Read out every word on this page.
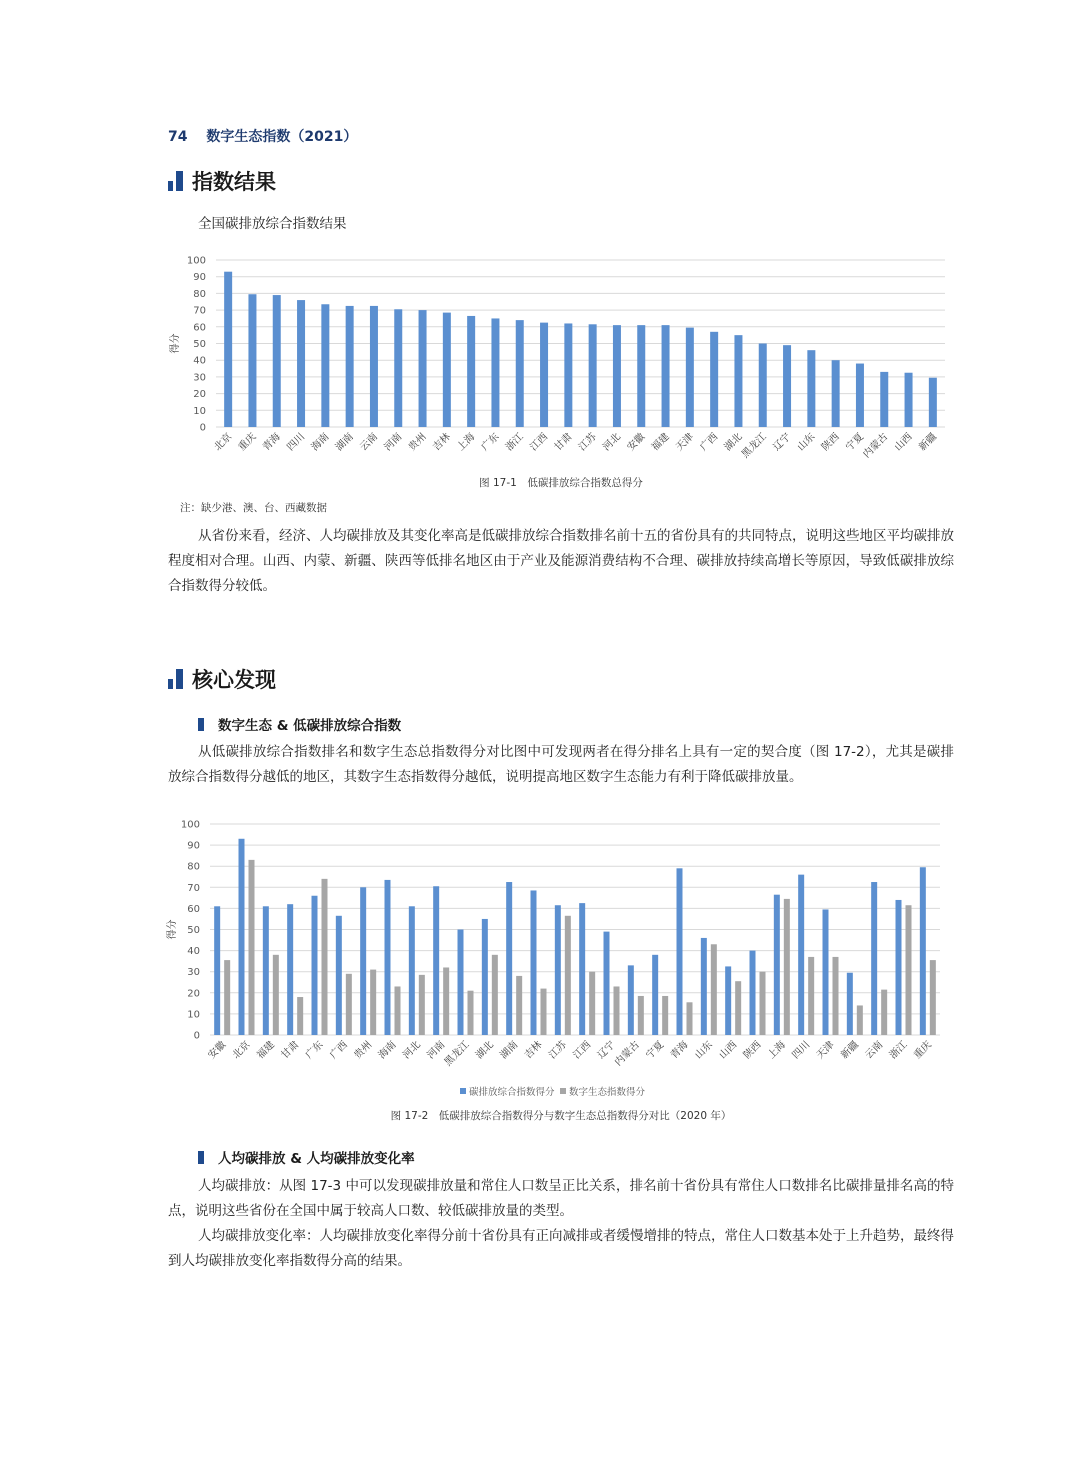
74 数字生态指数（2021）
指数结果
全国碳排放综合指数结果
0
10
20
30
40
50
60
70
80
90
100
得分
北京 重庆 青海 四川 海南 湖南 云南 河南 贵州 吉林 上海 广东 浙江 江西 甘肃 江苏 河北 安徽 福建 天津 广西 湖北
黑龙江 辽宁 山东 陕西 宁夏
内蒙古 山西 新疆
图 17-1　低碳排放综合指数总得分
注：缺少港、澳、台、西藏数据

从省份来看，经济、人均碳排放及其变化率高是低碳排放综合指数排名前十五的省份具有的共同特点，说明这些地区平均碳排放程度相对合理。山西、内蒙、新疆、陕西等低排名地区由于产业及能源消费结构不合理、碳排放持续高增长等原因，导致低碳排放综合指数得分较低。

核心发现
数字生态 & 低碳排放综合指数

从低碳排放综合指数排名和数字生态总指数得分对比图中可发现两者在得分排名上具有一定的契合度（图 17-2），尤其是碳排放综合指数得分越低的地区，其数字生态指数得分越低，说明提高地区数字生态能力有利于降低碳排放量。

0
10
20
30
40
50
60
70
80
90
100
得分
安徽 北京 福建 甘肃 广东 广西 贵州 海南 河北 河南
黑龙江 湖北 湖南 吉林 江苏 江西 辽宁
内蒙古 宁夏 青海 山东 山西 陕西 上海 四川 天津 新疆 云南 浙江 重庆
碳排放综合指数得分 数字生态指数得分
图 17-2　低碳排放综合指数得分与数字生态总指数得分对比（2020 年）
人均碳排放 & 人均碳排放变化率

人均碳排放：从图 17-3 中可以发现碳排放量和常住人口数呈正比关系，排名前十省份具有常住人口数排名比碳排量排名高的特点，说明这些省份在全国中属于较高人口数、较低碳排放量的类型。

人均碳排放变化率：人均碳排放变化率得分前十省份具有正向减排或者缓慢增排的特点，常住人口数基本处于上升趋势，最终得到人均碳排放变化率指数得分高的结果。
